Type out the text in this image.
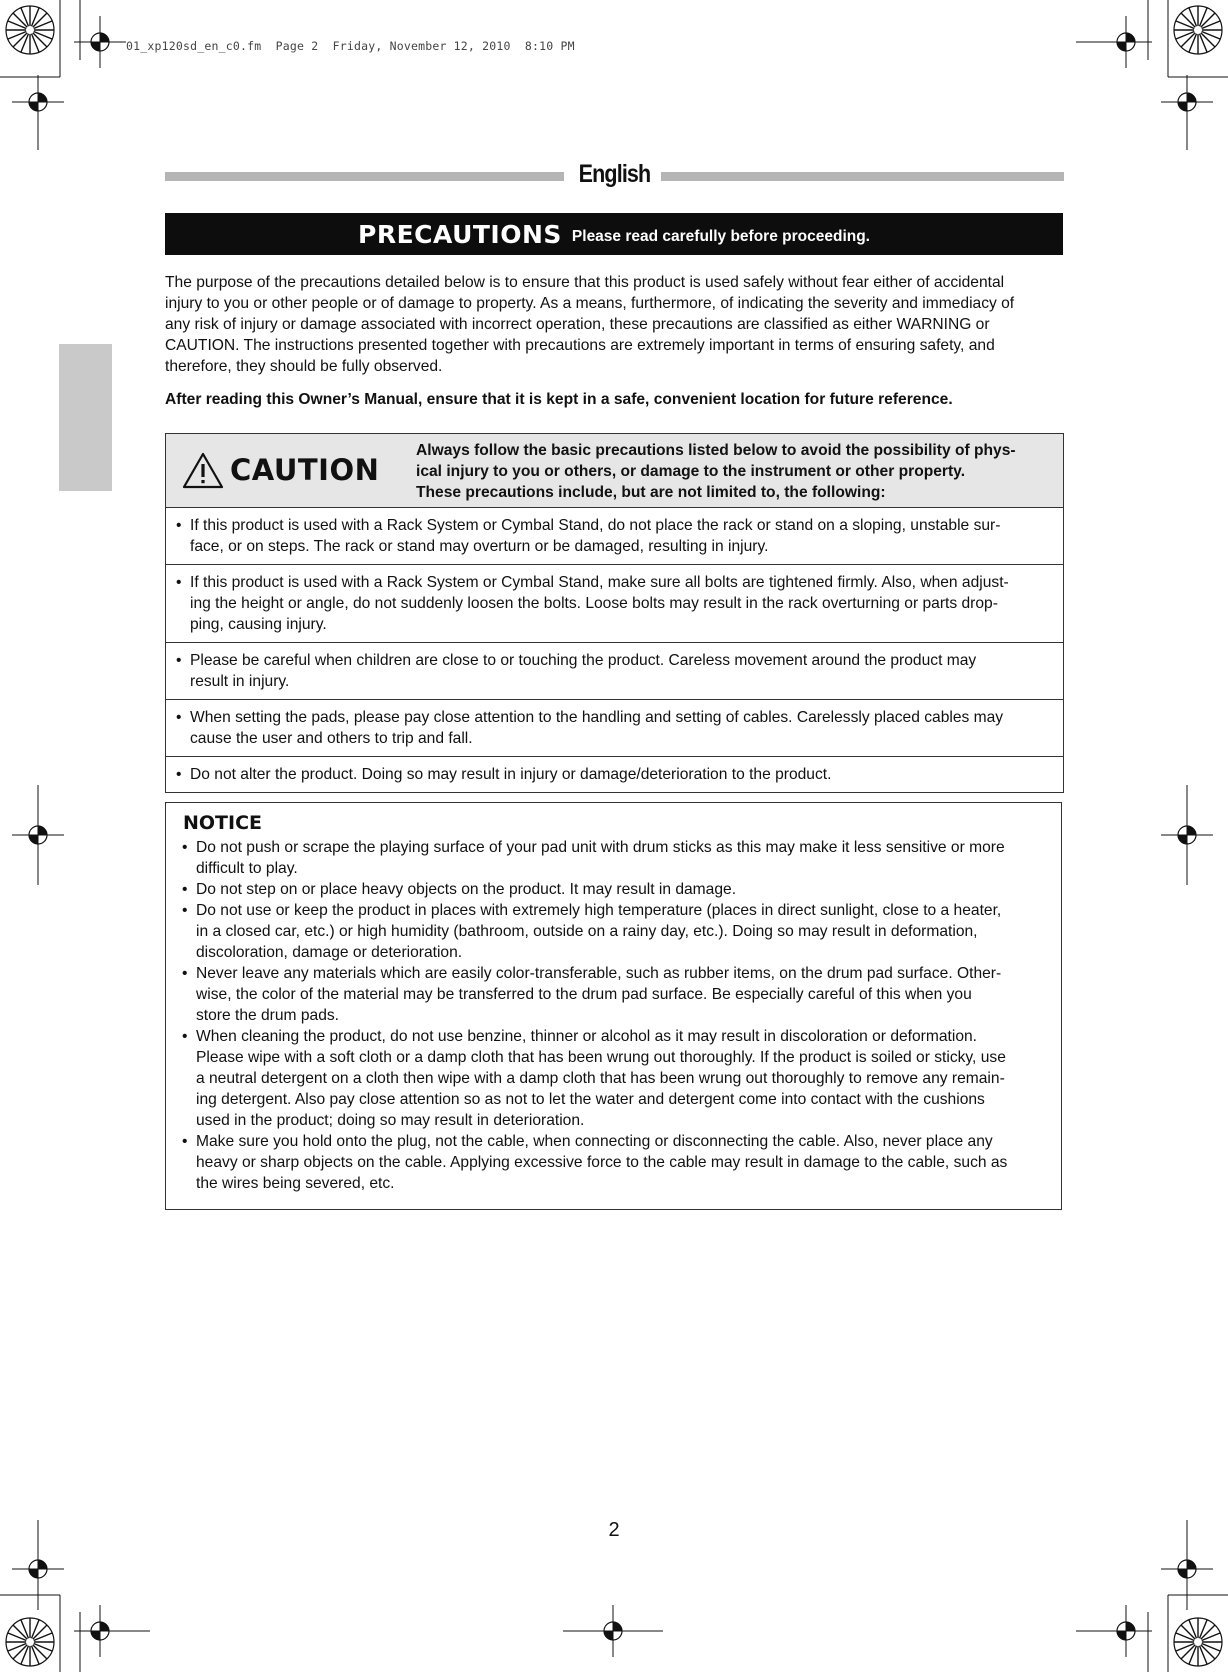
01_xp120sd_en_c0.fm  Page 2  Friday, November 12, 2010  8:10 PM
English
PRECAUTIONS Please read carefully before proceeding.

The purpose of the precautions detailed below is to ensure that this product is used safely without fear either of accidental
injury to you or other people or of damage to property. As a means, furthermore, of indicating the severity and immediacy of
any risk of injury or damage associated with incorrect operation, these precautions are classified as either WARNING or
CAUTION. The instructions presented together with precautions are extremely important in terms of ensuring safety, and
therefore, they should be fully observed.

After reading this Owner’s Manual, ensure that it is kept in a safe, convenient location for future reference.

CAUTION
Always follow the basic precautions listed below to avoid the possibility of phys-
ical injury to you or others, or damage to the instrument or other property.
These precautions include, but are not limited to, the following:
• If this product is used with a Rack System or Cymbal Stand, do not place the rack or stand on a sloping, unstable sur-
face, or on steps. The rack or stand may overturn or be damaged, resulting in injury.
• If this product is used with a Rack System or Cymbal Stand, make sure all bolts are tightened firmly. Also, when adjust-
ing the height or angle, do not suddenly loosen the bolts. Loose bolts may result in the rack overturning or parts drop-
ping, causing injury.
• Please be careful when children are close to or touching the product. Careless movement around the product may
result in injury.
• When setting the pads, please pay close attention to the handling and setting of cables. Carelessly placed cables may
cause the user and others to trip and fall.
• Do not alter the product. Doing so may result in injury or damage/deterioration to the product.
NOTICE
• Do not push or scrape the playing surface of your pad unit with drum sticks as this may make it less sensitive or more
difficult to play.
• Do not step on or place heavy objects on the product. It may result in damage.
• Do not use or keep the product in places with extremely high temperature (places in direct sunlight, close to a heater,
in a closed car, etc.) or high humidity (bathroom, outside on a rainy day, etc.). Doing so may result in deformation,
discoloration, damage or deterioration.
• Never leave any materials which are easily color-transferable, such as rubber items, on the drum pad surface. Other-
wise, the color of the material may be transferred to the drum pad surface. Be especially careful of this when you
store the drum pads.
• When cleaning the product, do not use benzine, thinner or alcohol as it may result in discoloration or deformation.
Please wipe with a soft cloth or a damp cloth that has been wrung out thoroughly. If the product is soiled or sticky, use
a neutral detergent on a cloth then wipe with a damp cloth that has been wrung out thoroughly to remove any remain-
ing detergent. Also pay close attention so as not to let the water and detergent come into contact with the cushions
used in the product; doing so may result in deterioration.
• Make sure you hold onto the plug, not the cable, when connecting or disconnecting the cable. Also, never place any
heavy or sharp objects on the cable. Applying excessive force to the cable may result in damage to the cable, such as
the wires being severed, etc.
2
